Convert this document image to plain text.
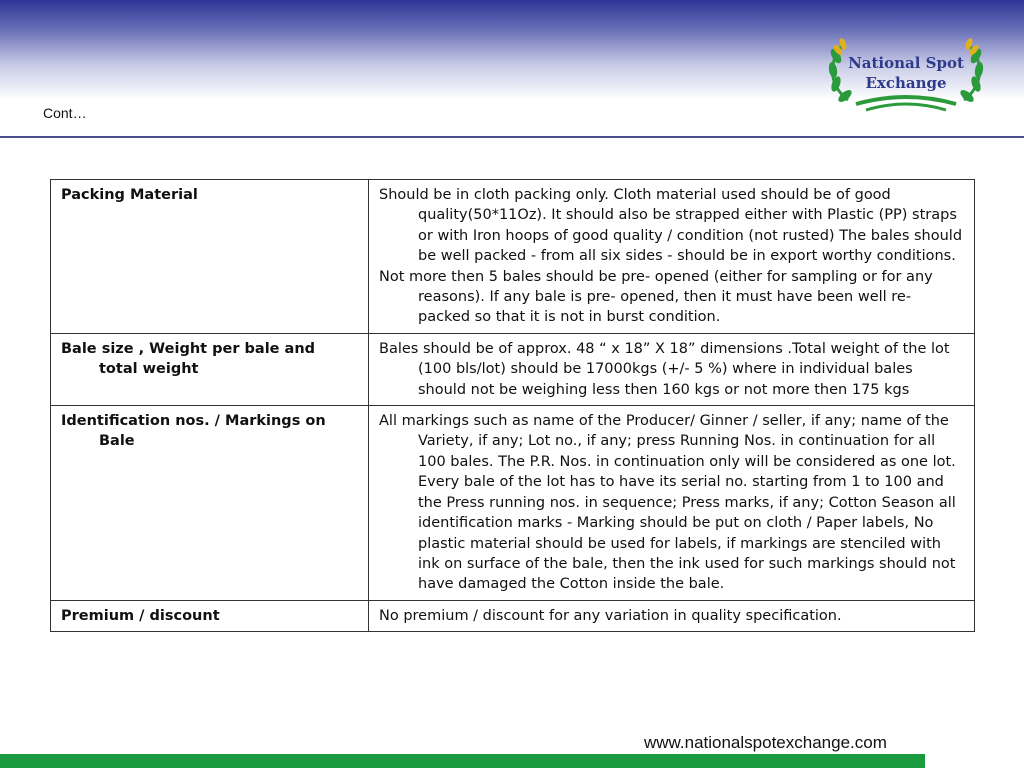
National Spot
Exchange
Cont…
Packing Material	Should be in cloth packing only. Cloth material used should be of good quality(50*11Oz). It should also be strapped either with Plastic (PP) straps or with Iron hoops of good quality / condition (not rusted) The bales should be well packed - from all six sides - should be in export worthy conditions.
Not more then 5 bales should be pre- opened (either for sampling or for any reasons). If any bale is pre- opened, then it must have been well re- packed so that it is not in burst condition.

Bale size , Weight per bale and total weight	Bales should be of approx. 48 “ x 18” X 18” dimensions .Total weight of the lot (100 bls/lot) should be 17000kgs (+/- 5 %) where in individual bales should not be weighing less then 160 kgs or not more then 175 kgs

Identification nos. / Markings on Bale	All markings such as name of the Producer/ Ginner / seller, if any; name of the Variety, if any; Lot no., if any; press Running Nos. in continuation for all 100 bales. The P.R. Nos. in continuation only will be considered as one lot. Every bale of the lot has to have its serial no. starting from 1 to 100 and the Press running nos. in sequence; Press marks, if any; Cotton Season all identification marks - Marking should be put on cloth / Paper labels, No plastic material should be used for labels, if markings are stenciled with ink on surface of the bale, then the ink used for such markings should not have damaged the Cotton inside the bale.

Premium / discount	No premium / discount for any variation in quality specification.
www.nationalspotexchange.com
